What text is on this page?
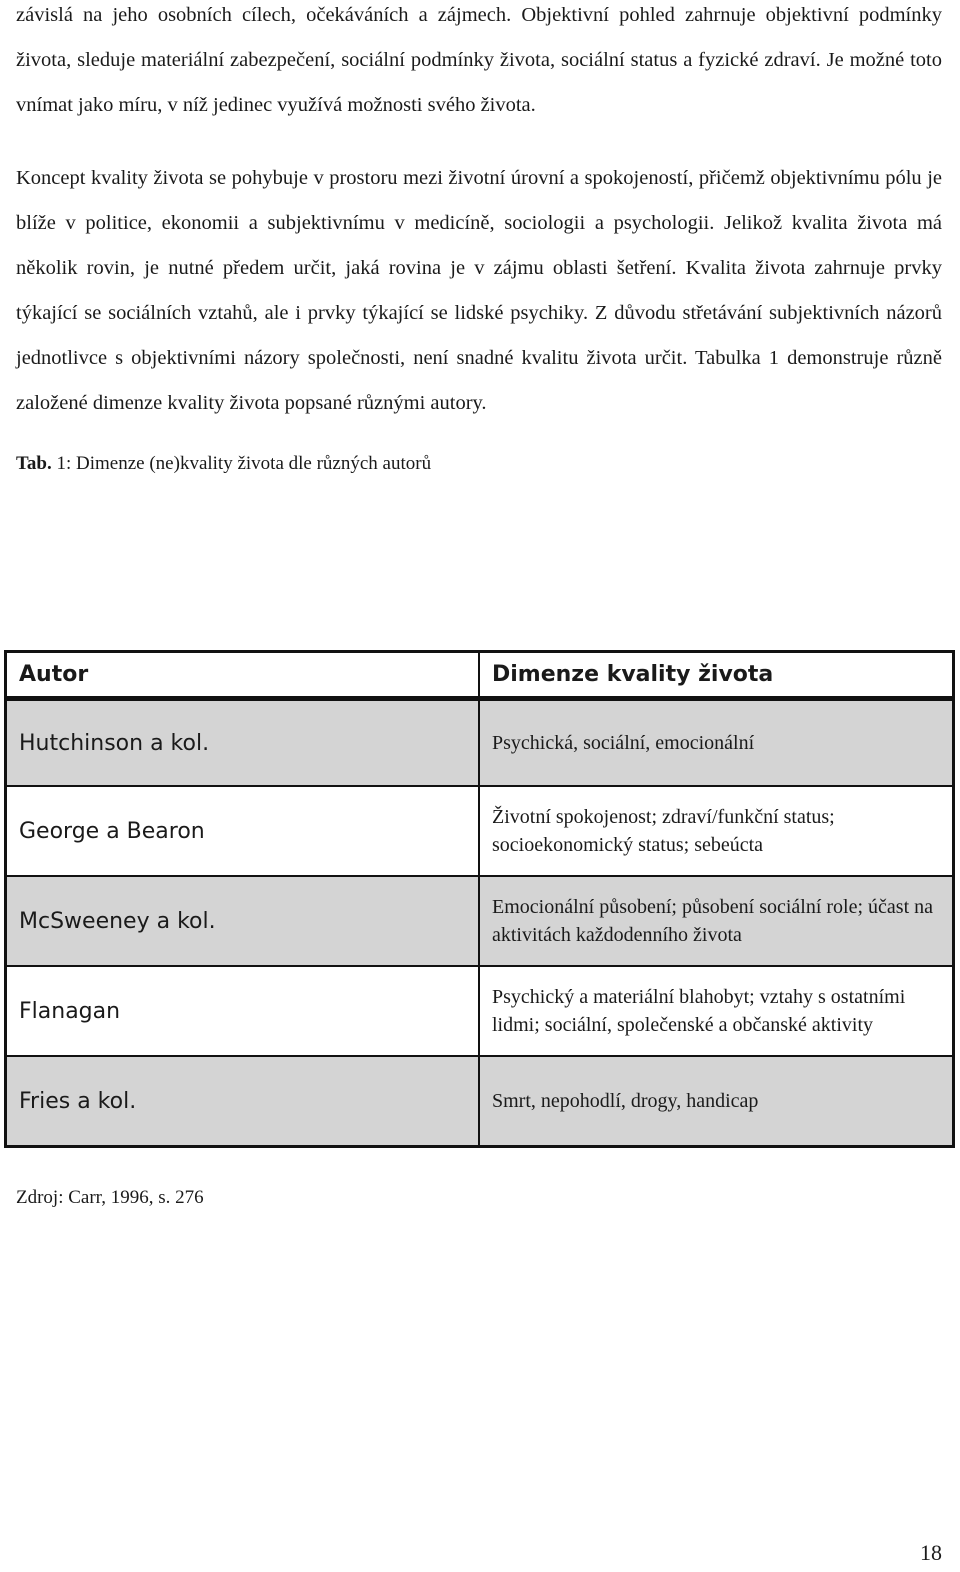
závislá na jeho osobních cílech, očekáváních a zájmech. Objektivní pohled zahrnuje objektivní podmínky života, sleduje materiální zabezpečení, sociální podmínky života, sociální status a fyzické zdraví. Je možné toto vnímat jako míru, v níž jedinec využívá možnosti svého života.

Koncept kvality života se pohybuje v prostoru mezi životní úrovní a spokojeností, přičemž objektivnímu pólu je blíže v politice, ekonomii a subjektivnímu v medicíně, sociologii a psychologii. Jelikož kvalita života má několik rovin, je nutné předem určit, jaká rovina je v zájmu oblasti šetření. Kvalita života zahrnuje prvky týkající se sociálních vztahů, ale i prvky týkající se lidské psychiky. Z důvodu střetávání subjektivních názorů jednotlivce s objektivními názory společnosti, není snadné kvalitu života určit. Tabulka 1 demonstruje různě založené dimenze kvality života popsané různými autory.

Tab. 1: Dimenze (ne)kvality života dle různých autorů
Autor	Dimenze kvality života
Hutchinson a kol.	Psychická, sociální, emocionální
George a Bearon	Životní spokojenost; zdraví/funkční status; socioekonomický status; sebeúcta
McSweeney a kol.	Emocionální působení; působení sociální role; účast na aktivitách každodenního života
Flanagan	Psychický a materiální blahobyt; vztahy s ostatními lidmi; sociální, společenské a občanské aktivity
Fries a kol.	Smrt, nepohodlí, drogy, handicap
Zdroj: Carr, 1996, s. 276
18
